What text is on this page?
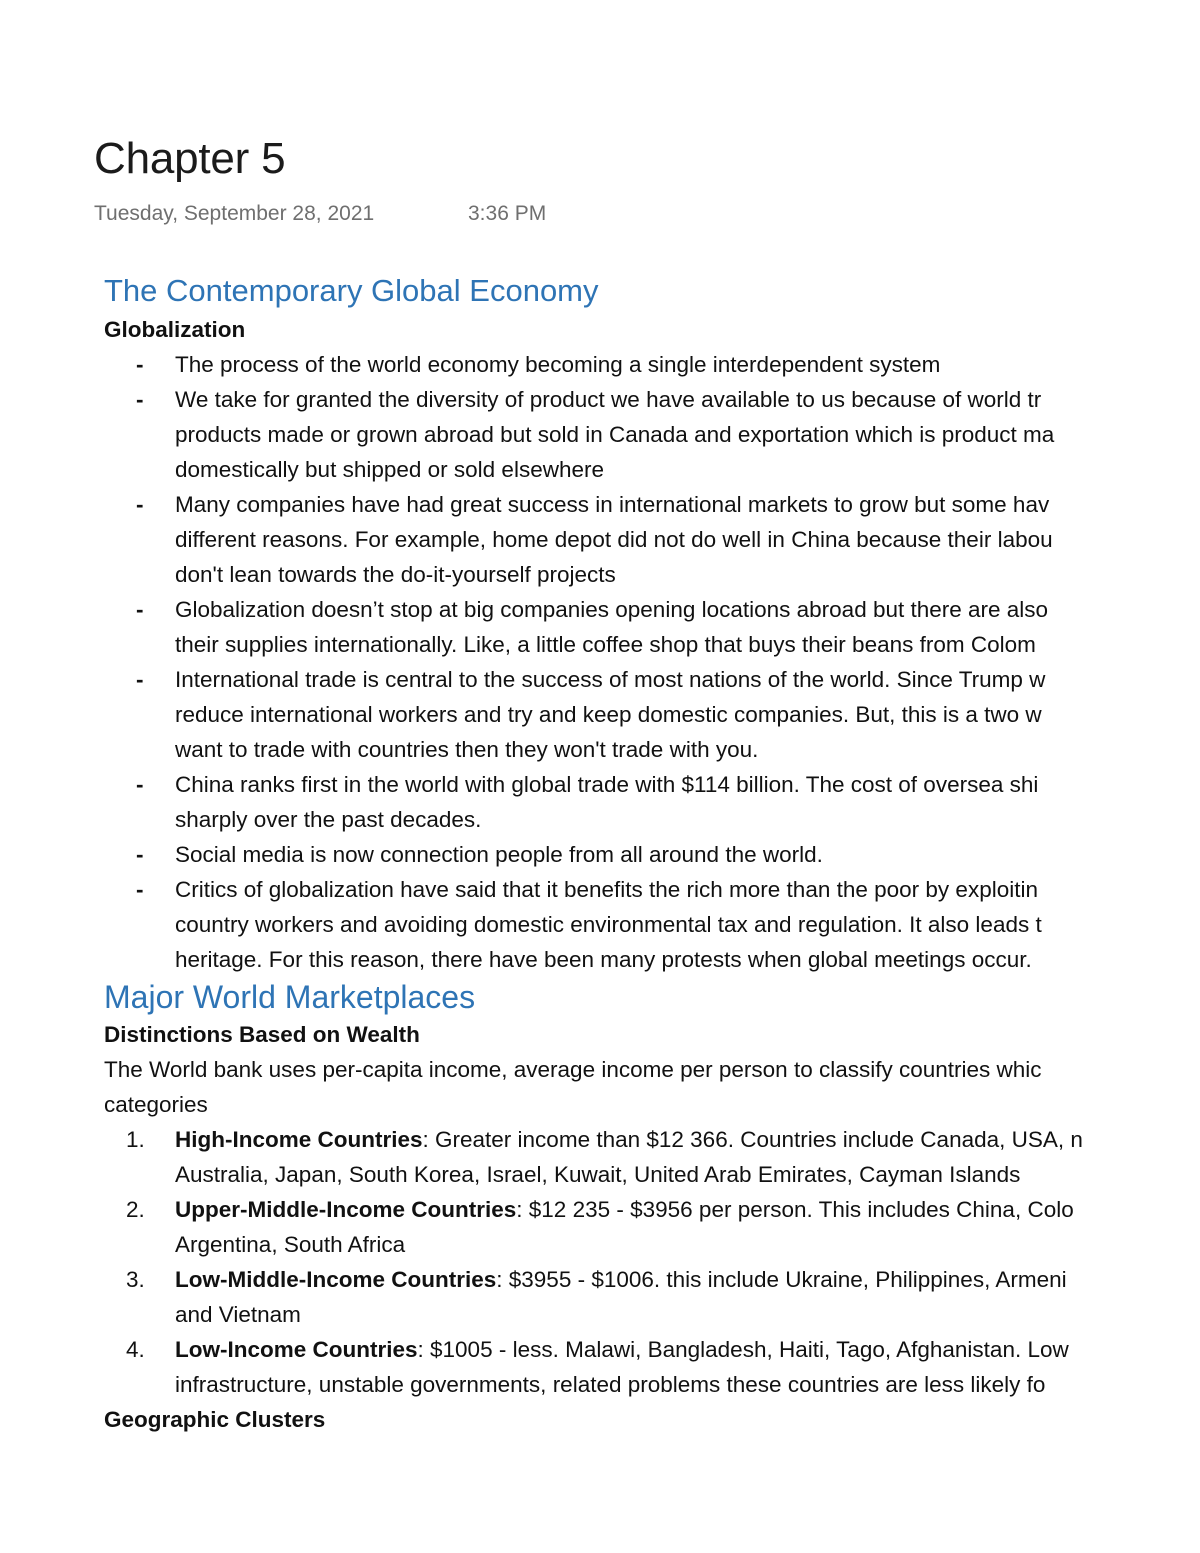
Chapter 5
Tuesday, September 28, 2021	3:36 PM
The Contemporary Global Economy
Globalization
- The process of the world economy becoming a single interdependent system
- We take for granted the diversity of product we have available to us because of world tr
products made or grown abroad but sold in Canada and exportation which is product ma
domestically but shipped or sold elsewhere
- Many companies have had great success in international markets to grow but some hav
different reasons. For example, home depot did not do well in China because their labou
don't lean towards the do-it-yourself projects
- Globalization doesn’t stop at big companies opening locations abroad but there are also
their supplies internationally. Like, a little coffee shop that buys their beans from Colom
- International trade is central to the success of most nations of the world. Since Trump w
reduce international workers and try and keep domestic companies. But, this is a two w
want to trade with countries then they won't trade with you.
- China ranks first in the world with global trade with $114 billion. The cost of oversea shi
sharply over the past decades.
- Social media is now connection people from all around the world.
- Critics of globalization have said that it benefits the rich more than the poor by exploitin
country workers and avoiding domestic environmental tax and regulation. It also leads t
heritage. For this reason, there have been many protests when global meetings occur.
Major World Marketplaces
Distinctions Based on Wealth
The World bank uses per-capita income, average income per person to classify countries whic
categories
1. High-Income Countries: Greater income than $12 366. Countries include Canada, USA, n
Australia, Japan, South Korea, Israel, Kuwait, United Arab Emirates, Cayman Islands
2. Upper-Middle-Income Countries: $12 235 - $3956 per person. This includes China, Colo
Argentina, South Africa
3. Low-Middle-Income Countries: $3955 - $1006. this include Ukraine, Philippines, Armeni
and Vietnam
4. Low-Income Countries: $1005 - less. Malawi, Bangladesh, Haiti, Tago, Afghanistan. Low
infrastructure, unstable governments, related problems these countries are less likely fo
Geographic Clusters
